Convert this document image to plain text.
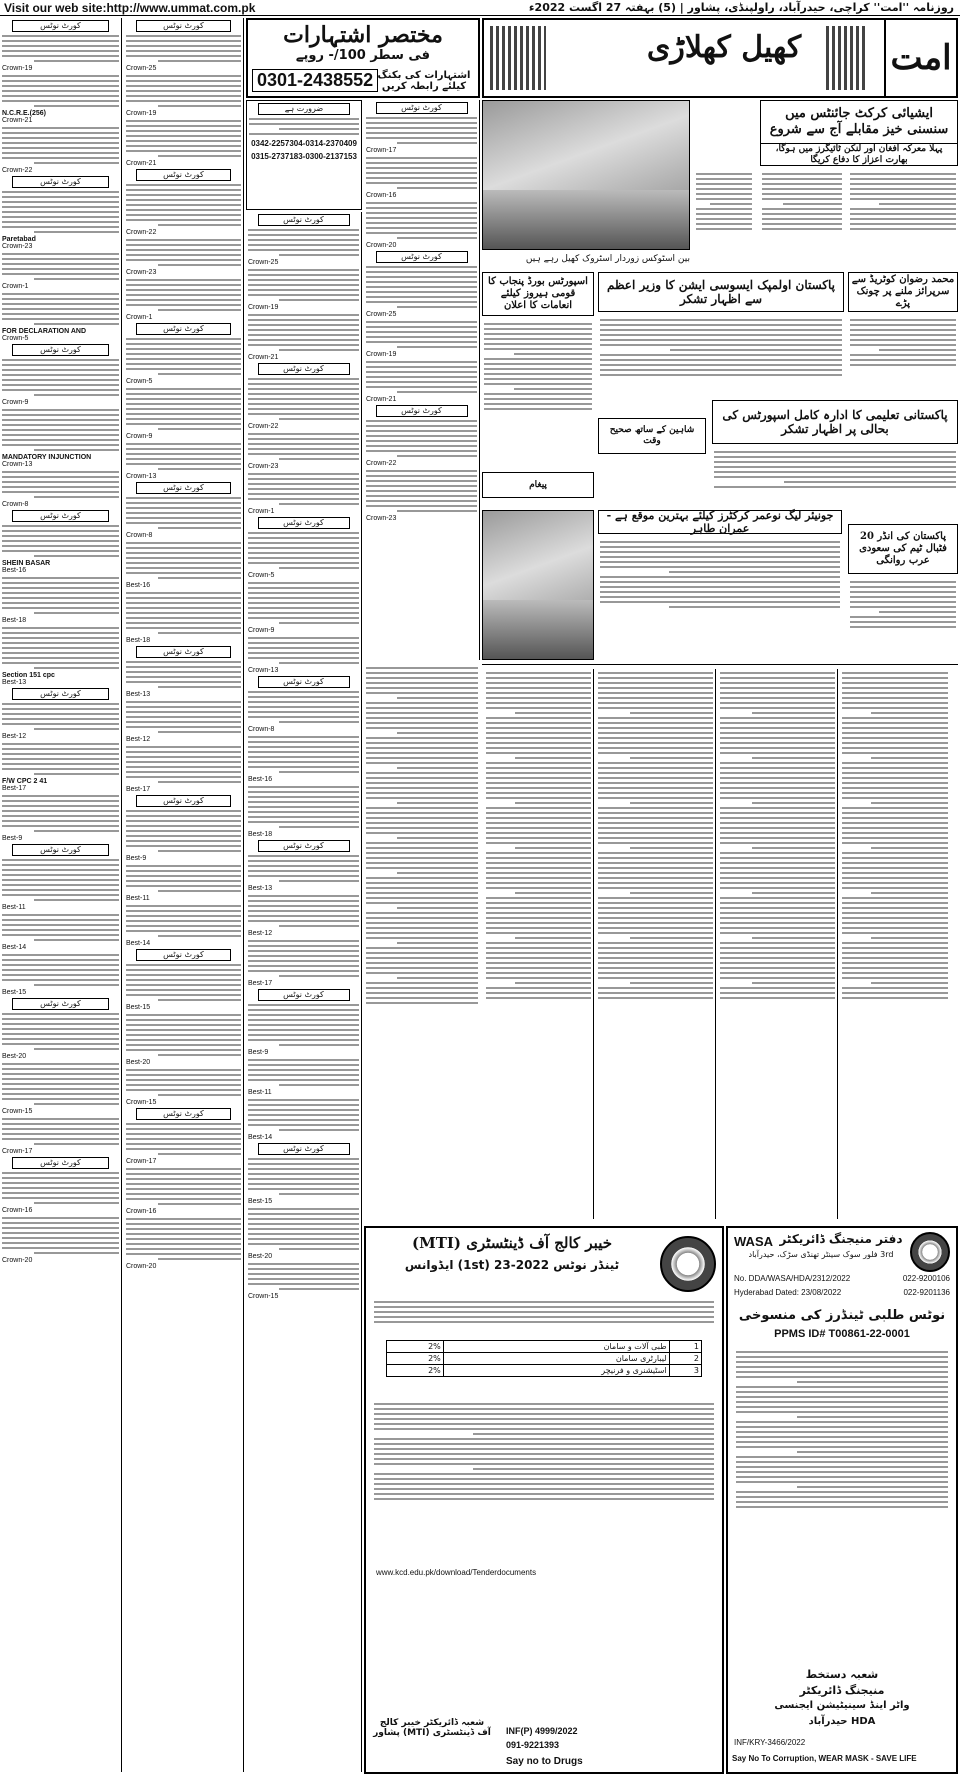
Visit our web site:http://www.ummat.com.pk	روزنامہ ''امت'' کراچی، حیدرآباد، راولپنڈی، پشاور | (5) بہفتہ 27 اگست 2022ء
کھیل کھلاڑی	امت
مختصر اشتہارات
فی سطر 100/- روپے
0301-2438552 اشتہارات کی بکنگ کیلئے رابطہ کریں
کورٹ نوٹس
Crown-19
N.C.R.E.(256)
Crown-21
Crown-22
کورٹ نوٹس
Paretabad
Crown-23
Crown-1
FOR DECLARATION AND
Crown-5
کورٹ نوٹس
Crown-9
MANDATORY INJUNCTION
Crown-13
Crown-8
کورٹ نوٹس
SHEIN BASAR
Best-16
Best-18
Section 151 cpc
Best-13
کورٹ نوٹس
Best-12
F/W CPC 2 41
Best-17
Best-9
کورٹ نوٹس
Best-11
Best-14
Best-15
کورٹ نوٹس
Best-20
Crown-15
Crown-17
کورٹ نوٹس
Crown-16
Crown-20
کورٹ نوٹس
Crown-25
Crown-19
Crown-21
کورٹ نوٹس
Crown-22
Crown-23
Crown-1
کورٹ نوٹس
Crown-5
Crown-9
Crown-13
کورٹ نوٹس
Crown-8
Best-16
Best-18
کورٹ نوٹس
Best-13
Best-12
Best-17
کورٹ نوٹس
Best-9
Best-11
Best-14
کورٹ نوٹس
Best-15
Best-20
Crown-15
کورٹ نوٹس
Crown-17
Crown-16
Crown-20
کورٹ نوٹس
Crown-25
Crown-19
Crown-21
کورٹ نوٹس
Crown-22
Crown-23
Crown-1
کورٹ نوٹس
Crown-5
Crown-9
Crown-13
کورٹ نوٹس
Crown-8
Best-16
Best-18
کورٹ نوٹس
Best-13
Best-12
Best-17
کورٹ نوٹس
Best-9
Best-11
Best-14
کورٹ نوٹس
Best-15
Best-20
Crown-15
کورٹ نوٹس
Crown-17
Crown-16
Crown-20
کورٹ نوٹس
Crown-25
Crown-19
Crown-21
کورٹ نوٹس
Crown-22
Crown-23
ضرورت ہے
0342-2257304-0314-2370409
0315-2737183-0300-2137153
ایشیائی کرکٹ جائنٹس میں سنسنی خیز مقابلے آج سے شروع
پہلا معرکہ افغان اور لنکن ٹائیگرز میں ہوگا، بھارت اعزاز کا دفاع کریگا
بین اسٹوکس زوردار اسٹروک کھیل رہے ہیں
محمد رضوان کوٹریڈ سے سرپرائز ملنے پر چونک پڑے
پاکستان اولمپک ایسوسی ایشن کا وزیر اعظم سے اظہار تشکر
اسپورٹس بورڈ پنجاب کا قومی ہیروز کیلئے انعامات کا اعلان
شاہین کے ساتھ صحیح وقت
پیغام
پاکستانی تعلیمی کا ادارہ کامل اسپورٹس کی بحالی پر اظہار تشکر
جونیئر لیگ نوعمر کرکٹرز کیلئے بہترین موقع ہے - عمران طاہر
پاکستان کی انڈر 20 فٹبال ٹیم کی سعودی عرب روانگی
خیبر کالج آف ڈینٹسٹری (MTI)
ٹینڈر نوٹس 2022-23 (1st) ایڈوانس
2%	طبی آلات و سامان	1
2%	لیبارٹری سامان	2
2%	اسٹیشنری و فرنیچر	3
www.kcd.edu.pk/download/Tenderdocuments
INF(P) 4999/2022
091-9221393
Say no to Drugs
شعبہ ڈائریکٹر خیبر کالج آف ڈینٹسٹری (MTI) پشاور
دفتر منیجنگ ڈائریکٹر
WASA
3rd فلور سوک سینٹر تھنڈی سڑک، حیدرآباد
No. DDA/WASA/HDA/2312/2022	022-9200106
Hyderabad Dated: 23/08/2022	022-9201136
نوٹس طلبی ٹینڈرز کی منسوخی
PPMS ID# T00861-22-0001
شعبہ دستخط
منیجنگ ڈائریکٹر
واٹر اینڈ سینیٹیشن ایجنسی
HDA حیدرآباد
INF/KRY-3466/2022
Say No To Corruption, WEAR MASK - SAVE LIFE
